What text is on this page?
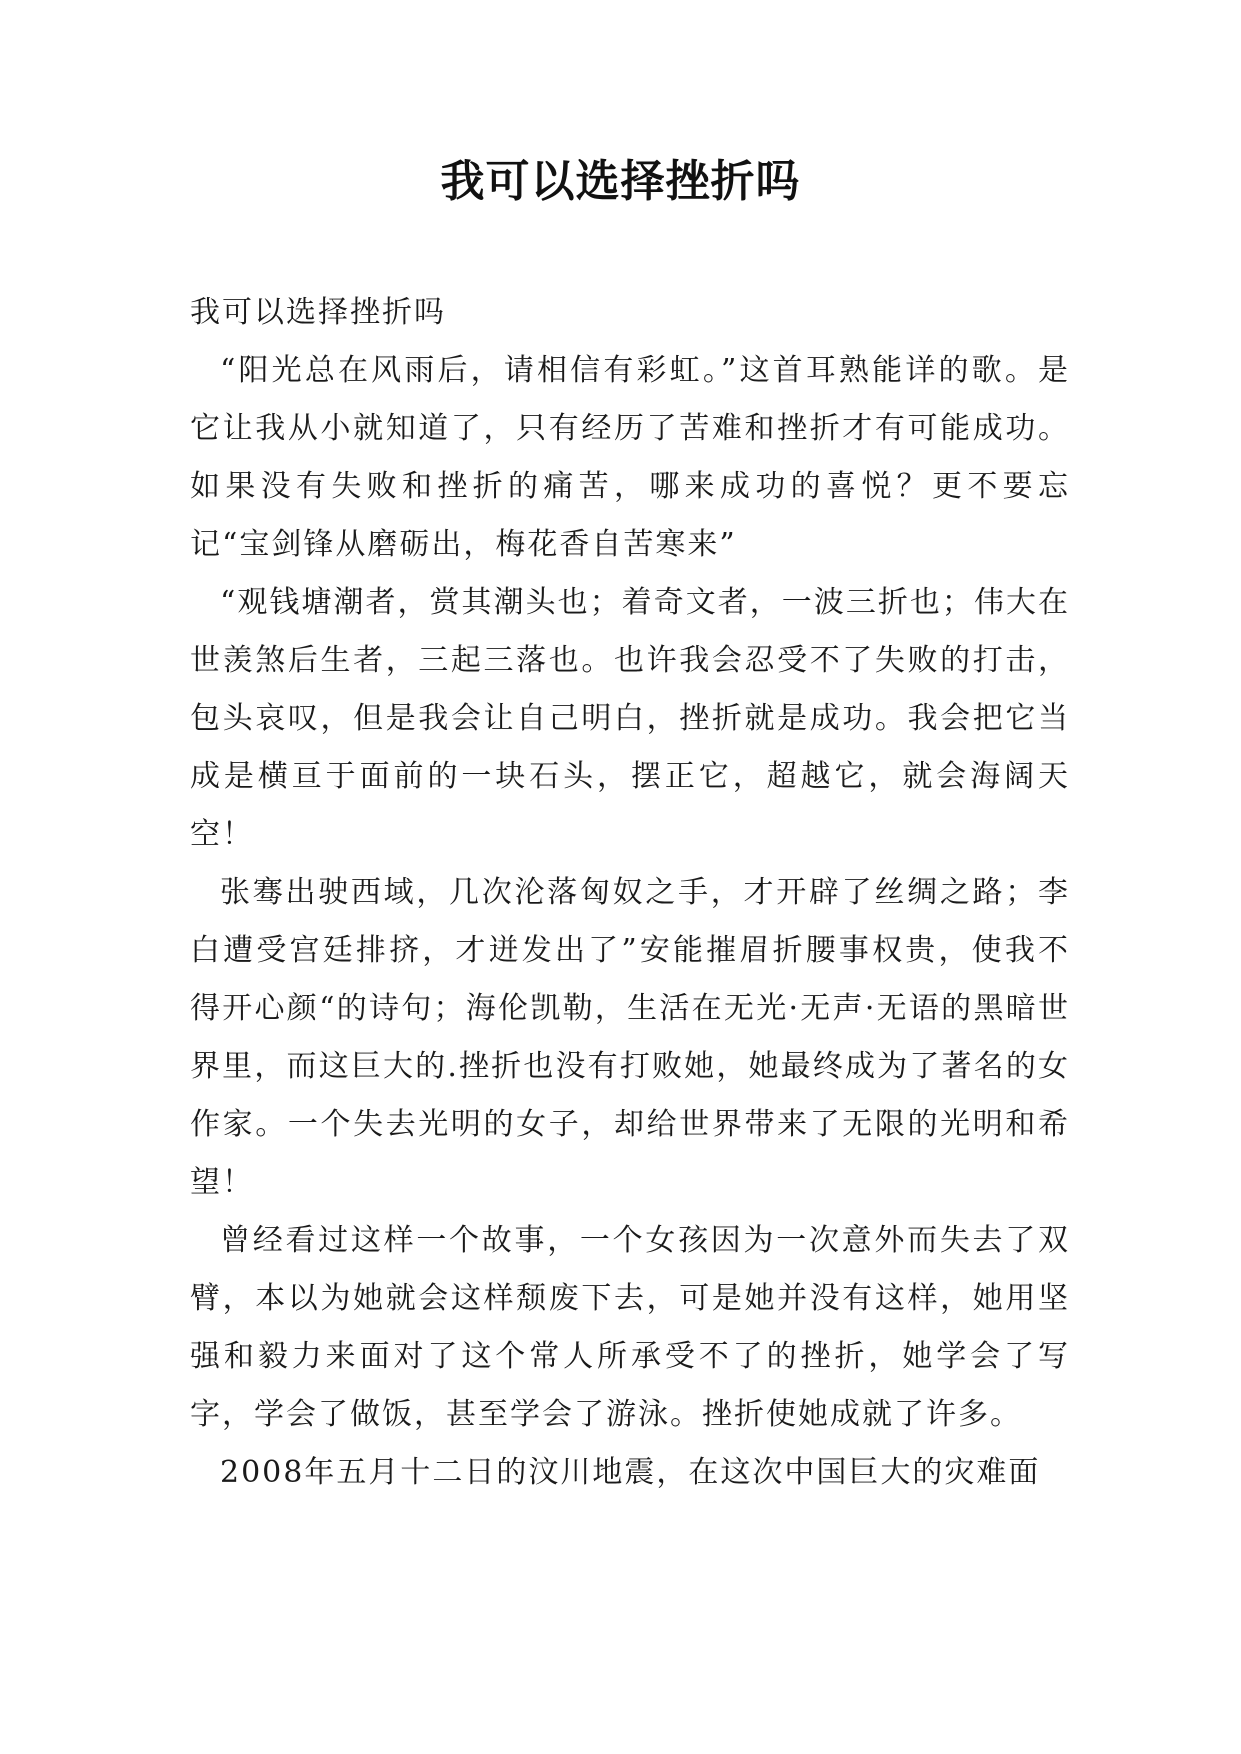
我可以选择挫折吗

我可以选择挫折吗

“阳光总在风雨后，请相信有彩虹。”这首耳熟能详的歌。是它让我从小就知道了，只有经历了苦难和挫折才有可能成功。如果没有失败和挫折的痛苦，哪来成功的喜悦？更不要忘记“宝剑锋从磨砺出，梅花香自苦寒来”

“观钱塘潮者，赏其潮头也；着奇文者，一波三折也；伟大在世羡煞后生者，三起三落也。也许我会忍受不了失败的打击，包头哀叹，但是我会让自己明白，挫折就是成功。我会把它当成是横亘于面前的一块石头，摆正它，超越它，就会海阔天空！

张骞出驶西域，几次沦落匈奴之手，才开辟了丝绸之路；李白遭受宫廷排挤，才迸发出了”安能摧眉折腰事权贵，使我不得开心颜“的诗句；海伦凯勒，生活在无光·无声·无语的黑暗世界里，而这巨大的.挫折也没有打败她，她最终成为了著名的女作家。一个失去光明的女子，却给世界带来了无限的光明和希望！

曾经看过这样一个故事，一个女孩因为一次意外而失去了双臂，本以为她就会这样颓废下去，可是她并没有这样，她用坚强和毅力来面对了这个常人所承受不了的挫折，她学会了写字，学会了做饭，甚至学会了游泳。挫折使她成就了许多。

2008年五月十二日的汶川地震，在这次中国巨大的灾难面
